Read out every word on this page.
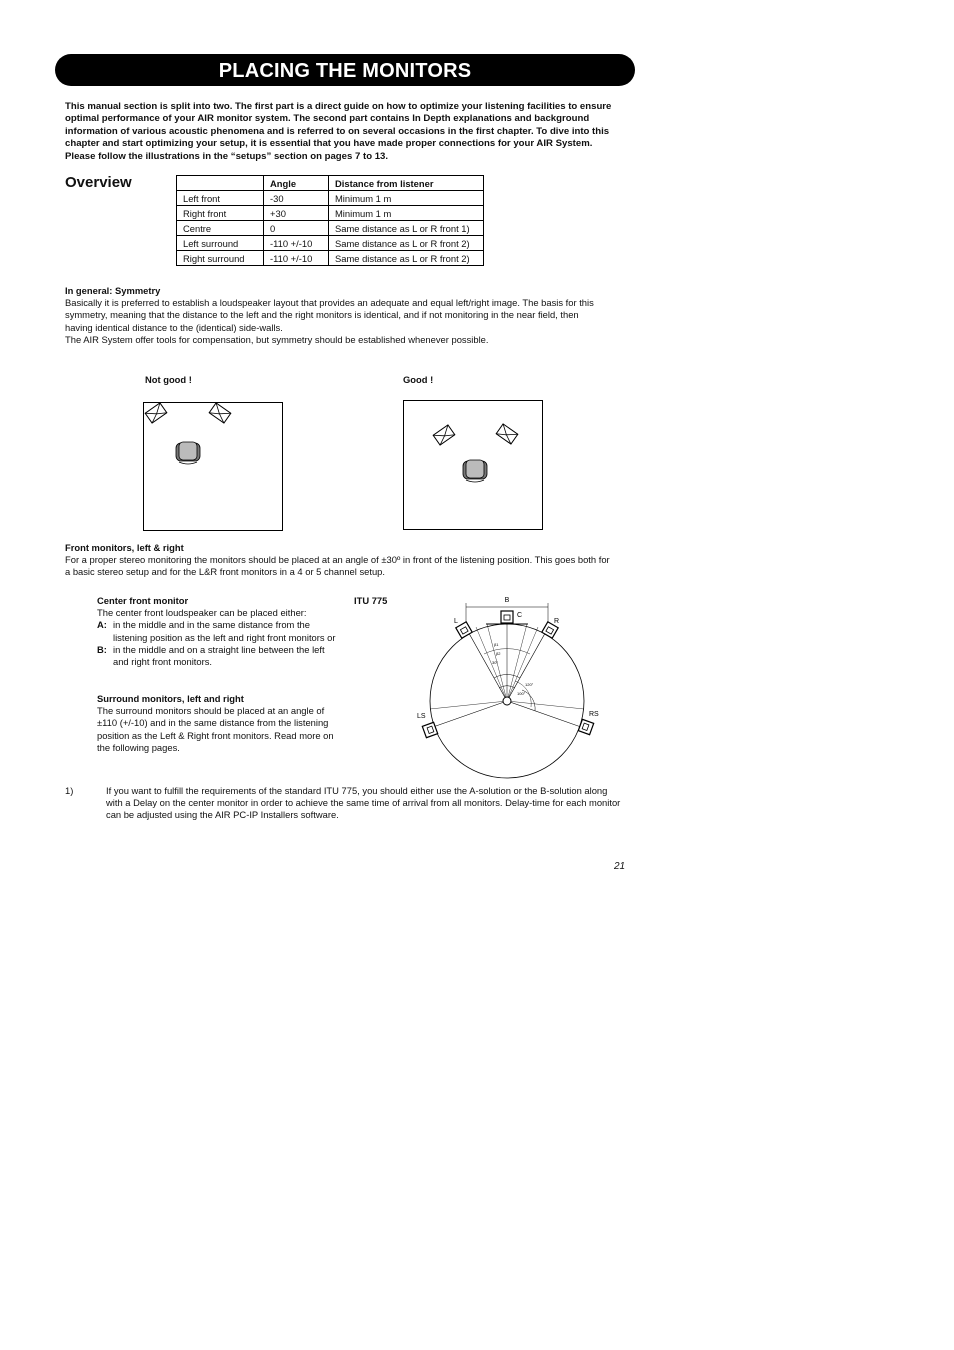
PLACING THE MONITORS
This manual section is split into two. The first part is a direct guide on how to optimize your listening facilities to ensure optimal performance of your AIR monitor system. The second part contains In Depth explanations and background information of various acoustic phenomena and is referred to on several occasions in the first chapter. To dive into this chapter and start optimizing your setup, it is essential that you have made proper connections for your AIR System. Please follow the illustrations in the “setups” section on pages 7 to 13.
Overview
		Angle	Distance from listener
Left front	-30	Minimum 1 m
Right front	+30	Minimum 1 m
Centre	0	Same distance as L or R front 1)
Left surround	-110 +/-10	Same distance as L or R front 2)
Right surround	-110 +/-10	Same distance as L or R front 2)
In general: Symmetry
Basically it is preferred to establish a loudspeaker layout that provides an adequate and equal left/right image. The basis for this symmetry, meaning that the distance to the left and the right monitors is identical, and if not monitoring in the near field, then having identical distance to the (identical) side-walls.
The AIR System offer tools for compensation, but symmetry should be established whenever possible.
Not good !	Good !
Front monitors, left & right
For a proper stereo monitoring the monitors should be placed at an angle of ±30º in front of the listening position. This goes both for a basic stereo setup and for the L&R front monitors in a 4 or 5 channel setup.
Center front monitor
The center front loudspeaker can be placed either:
A: in the middle and in the same distance from the listening position as the left and right front monitors or
B: in the middle and on a straight line between the left and right front monitors.
Surround monitors, left and right
The surround monitors should be placed at an angle of ±110 (+/-10) and in the same distance from the listening position as the Left & Right front monitors. Read more on the following pages.
ITU 775	B
C
L	R
LS	RS
120°
100°
30°
β1
β2
1)	If you want to fulfill the requirements of the standard ITU 775, you should either use the A-solution or the B-solution along with a Delay on the center monitor in order to achieve the same time of arrival from all monitors. Delay-time for each monitor can be adjusted using the AIR PC-IP Installers software.
21
